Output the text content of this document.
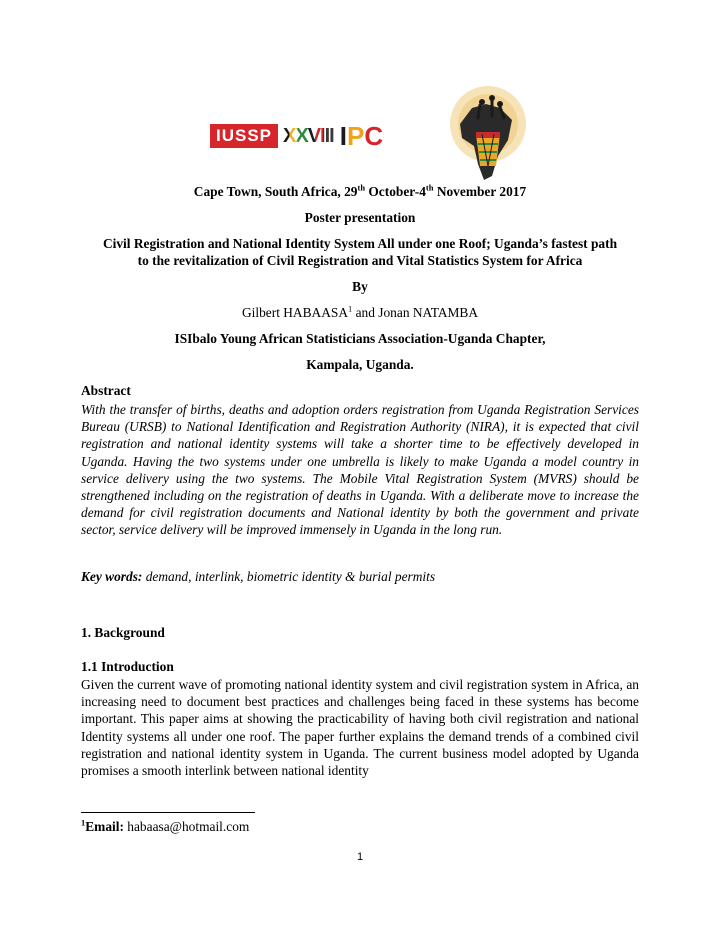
IUSSP XXVIII IPC
Cape Town, South Africa, 29th October-4th November 2017
Poster presentation
Civil Registration and National Identity System All under one Roof; Uganda’s fastest path
to the revitalization of Civil Registration and Vital Statistics System for Africa
By
Gilbert HABAASA$^1$ and Jonan NATAMBA
ISIbalo Young African Statisticians Association-Uganda Chapter,
Kampala, Uganda.
Abstract
With the transfer of births, deaths and adoption orders registration from Uganda Registration Services Bureau (URSB) to National Identification and Registration Authority (NIRA), it is expected that civil registration and national identity systems will take a shorter time to be effectively developed in Uganda. Having the two systems under one umbrella is likely to make Uganda a model country in service delivery using the two systems. The Mobile Vital Registration System (MVRS) should be strengthened including on the registration of deaths in Uganda. With a deliberate move to increase the demand for civil registration documents and National identity by both the government and private sector, service delivery will be improved immensely in Uganda in the long run.
Key words: demand, interlink, biometric identity & burial permits
1. Background
1.1 Introduction
Given the current wave of promoting national identity system and civil registration system in Africa, an increasing need to document best practices and challenges being faced in these systems has become important. This paper aims at showing the practicability of having both civil registration and national Identity systems all under one roof. The paper further explains the demand trends of a combined civil registration and national identity system in Uganda. The current business model adopted by Uganda promises a smooth interlink between national identity
$^1$Email: habaasa@hotmail.com
1
